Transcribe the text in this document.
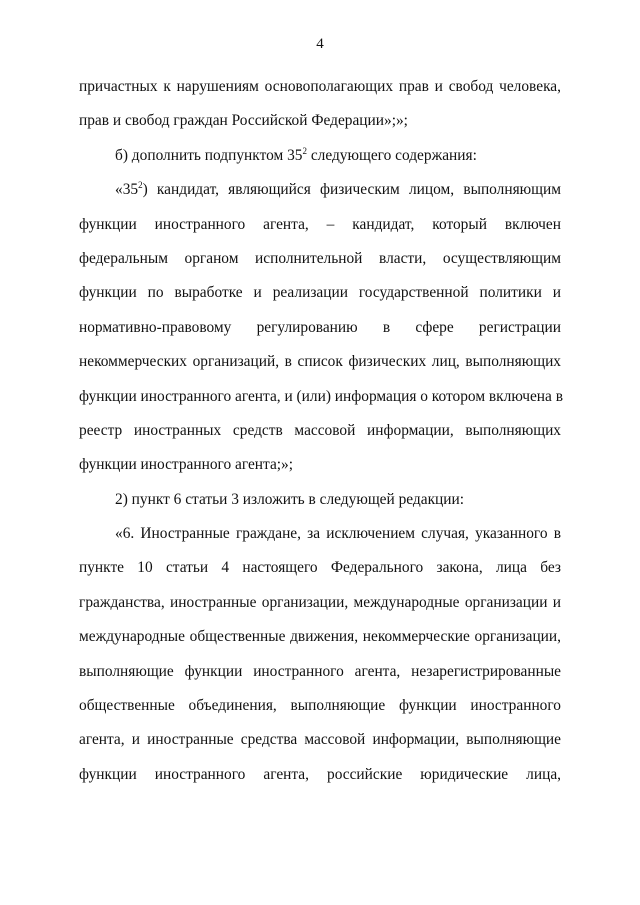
4
причастных к нарушениям основополагающих прав и свобод человека,
прав и свобод граждан Российской Федерации»;»;
б) дополнить подпунктом $35^2$ следующего содержания:
«$35^2$) кандидат, являющийся физическим лицом, выполняющим
функции иностранного агента, – кандидат, который включен
федеральным органом исполнительной власти, осуществляющим
функции по выработке и реализации государственной политики и
нормативно-правовому регулированию в сфере регистрации
некоммерческих организаций, в список физических лиц, выполняющих
функции иностранного агента, и (или) информация о котором включена в
реестр иностранных средств массовой информации, выполняющих
функции иностранного агента;»;
2) пункт 6 статьи 3 изложить в следующей редакции:
«6. Иностранные граждане, за исключением случая, указанного в
пункте 10 статьи 4 настоящего Федерального закона, лица без
гражданства, иностранные организации, международные организации и
международные общественные движения, некоммерческие организации,
выполняющие функции иностранного агента, незарегистрированные
общественные объединения, выполняющие функции иностранного
агента, и иностранные средства массовой информации, выполняющие
функции иностранного агента, российские юридические лица,
